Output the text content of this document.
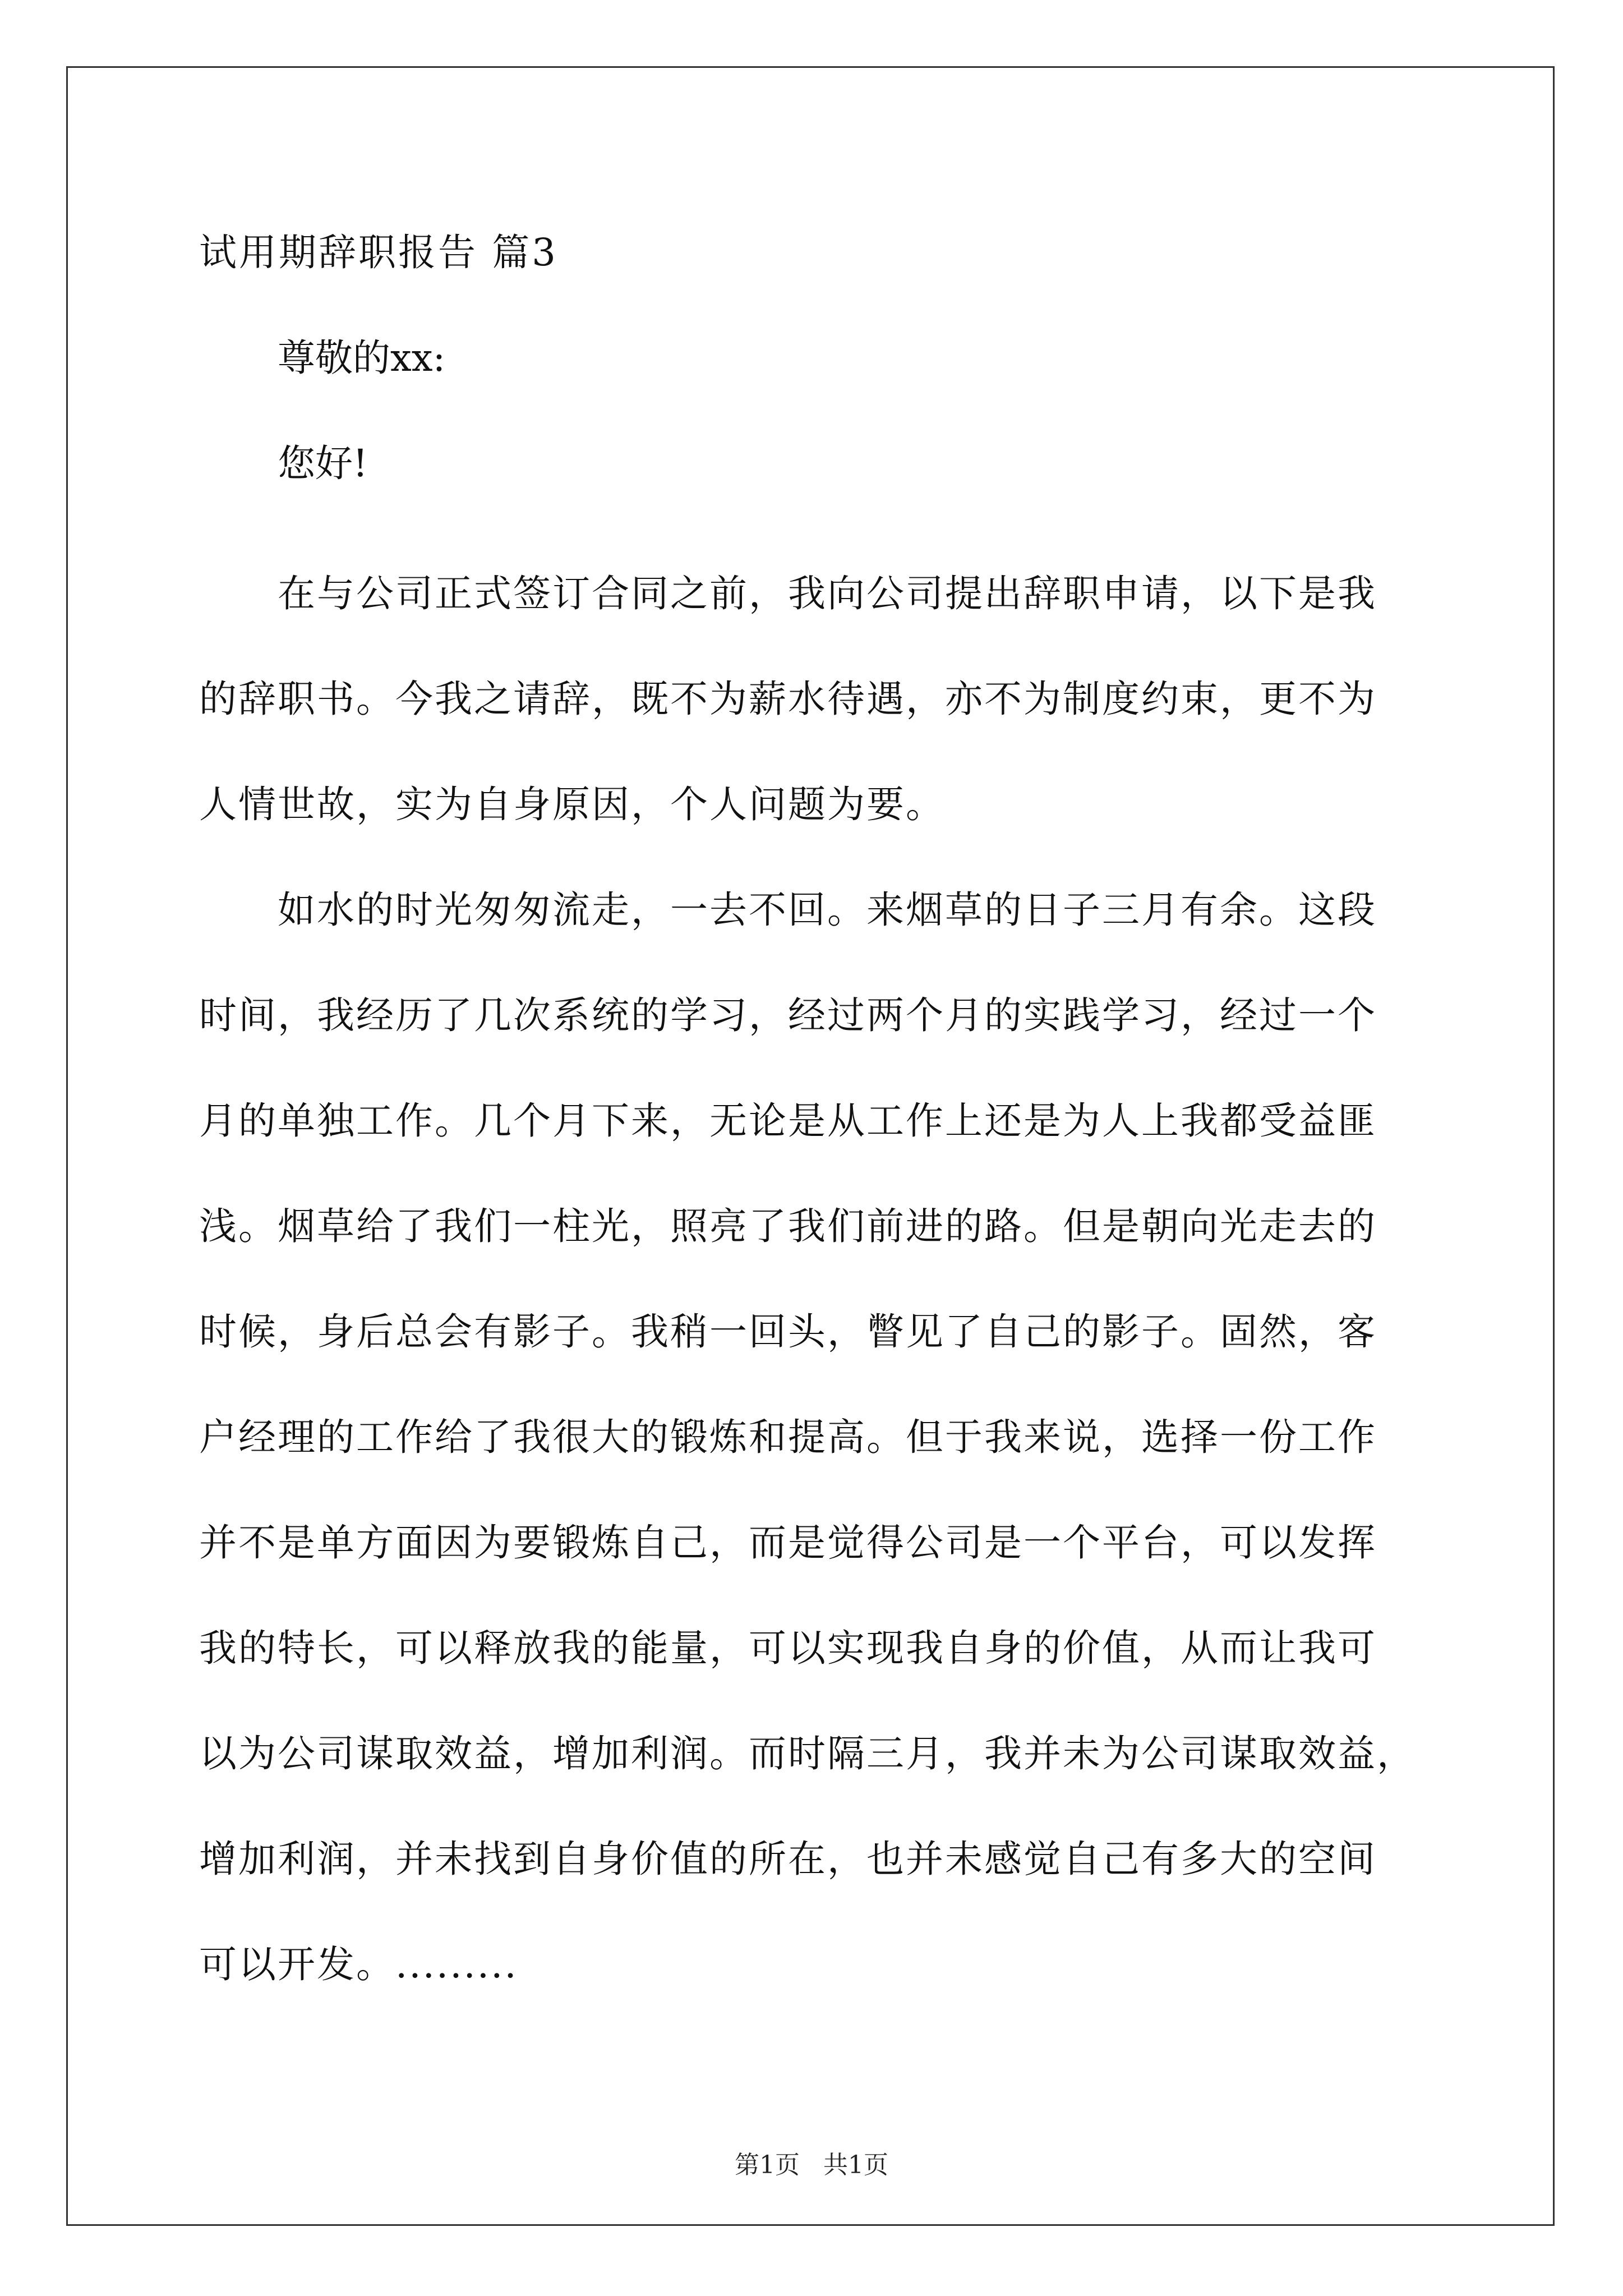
试用期辞职报告 篇3
尊敬的xx:
您好!
在与公司正式签订合同之前，我向公司提出辞职申请，以下是我
的辞职书。今我之请辞，既不为薪水待遇，亦不为制度约束，更不为
人情世故，实为自身原因，个人问题为要。
如水的时光匆匆流走，一去不回。来烟草的日子三月有余。这段
时间，我经历了几次系统的学习，经过两个月的实践学习，经过一个
月的单独工作。几个月下来，无论是从工作上还是为人上我都受益匪
浅。烟草给了我们一柱光，照亮了我们前进的路。但是朝向光走去的
时候，身后总会有影子。我稍一回头，瞥见了自己的影子。固然，客
户经理的工作给了我很大的锻炼和提高。但于我来说，选择一份工作
并不是单方面因为要锻炼自己，而是觉得公司是一个平台，可以发挥
我的特长，可以释放我的能量，可以实现我自身的价值，从而让我可
以为公司谋取效益，增加利润。而时隔三月，我并未为公司谋取效益，
增加利润，并未找到自身价值的所在，也并未感觉自己有多大的空间
可以开发。.........
第1页   共1页
